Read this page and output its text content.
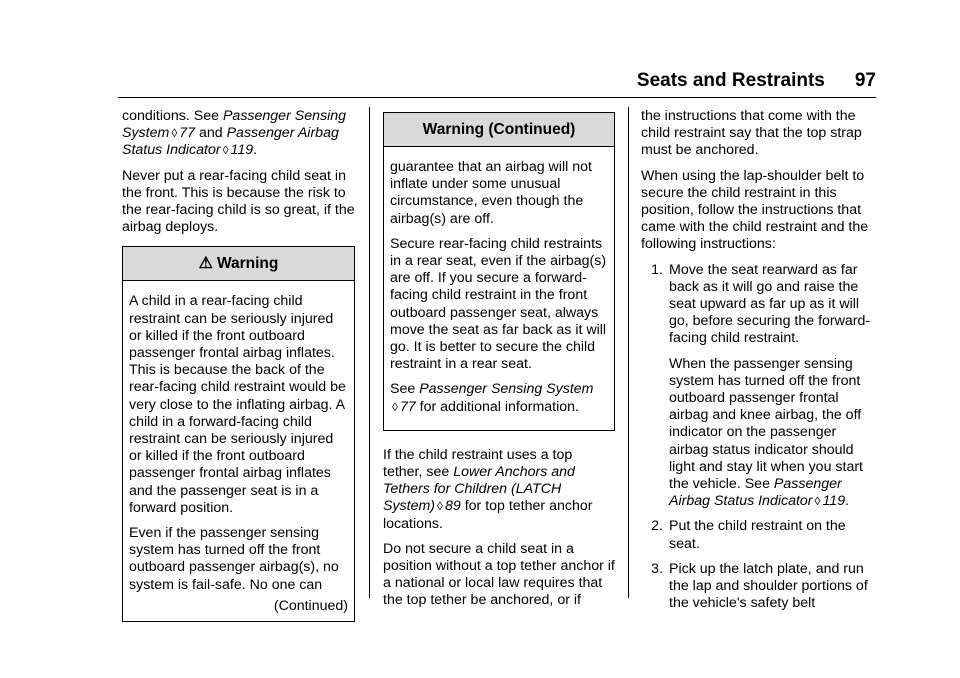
Seats and Restraints 97

conditions. See Passenger Sensing System ◊ 77 and Passenger Airbag Status Indicator ◊ 119.

Never put a rear-facing child seat in the front. This is because the risk to the rear-facing child is so great, if the airbag deploys.

⚠ Warning

A child in a rear-facing child restraint can be seriously injured or killed if the front outboard passenger frontal airbag inflates. This is because the back of the rear-facing child restraint would be very close to the inflating airbag. A child in a forward-facing child restraint can be seriously injured or killed if the front outboard passenger frontal airbag inflates and the passenger seat is in a forward position.

Even if the passenger sensing system has turned off the front outboard passenger airbag(s), no system is fail-safe. No one can

(Continued)
Warning (Continued)

guarantee that an airbag will not inflate under some unusual circumstance, even though the airbag(s) are off.

Secure rear-facing child restraints in a rear seat, even if the airbag(s) are off. If you secure a forward-facing child restraint in the front outboard passenger seat, always move the seat as far back as it will go. It is better to secure the child restraint in a rear seat.

See Passenger Sensing System
◊ 77 for additional information.

If the child restraint uses a top tether, see Lower Anchors and Tethers for Children (LATCH System) ◊ 89 for top tether anchor locations.

Do not secure a child seat in a position without a top tether anchor if a national or local law requires that the top tether be anchored, or if

the instructions that come with the child restraint say that the top strap must be anchored.

When using the lap-shoulder belt to secure the child restraint in this position, follow the instructions that came with the child restraint and the following instructions:

1. Move the seat rearward as far back as it will go and raise the seat upward as far up as it will go, before securing the forward-facing child restraint.

When the passenger sensing system has turned off the front outboard passenger frontal airbag and knee airbag, the off indicator on the passenger airbag status indicator should light and stay lit when you start the vehicle. See Passenger Airbag Status Indicator ◊ 119.

2. Put the child restraint on the seat.

3. Pick up the latch plate, and run the lap and shoulder portions of the vehicle's safety belt
